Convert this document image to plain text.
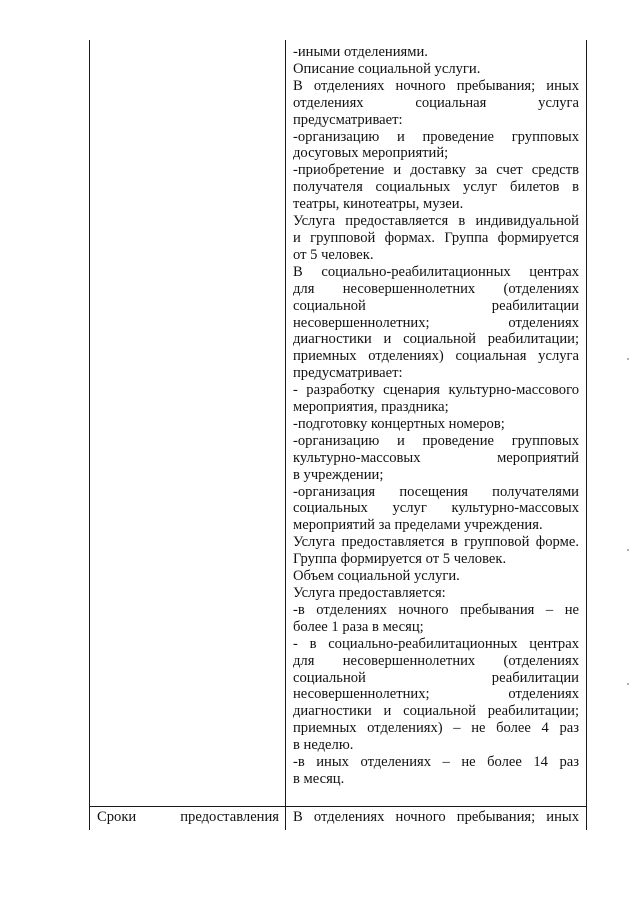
-иными отделениями.

Описание социальной услуги.

В отделениях ночного пребывания; иных

отделениях социальная услуга

предусматривает:

-организацию и проведение групповых

досуговых мероприятий;

-приобретение и доставку за счет средств

получателя социальных услуг билетов в

театры, кинотеатры, музеи.

Услуга предоставляется в индивидуальной

и групповой формах. Группа формируется

от 5 человек.

В социально-реабилитационных центрах

для несовершеннолетних (отделениях

социальной реабилитации

несовершеннолетних; отделениях

диагностики и социальной реабилитации;

приемных отделениях) социальная услуга

предусматривает:

- разработку сценария культурно-массового

мероприятия, праздника;

-подготовку концертных номеров;

-организацию и проведение групповых

культурно-массовых мероприятий

в учреждении;

-организация посещения получателями

социальных услуг культурно-массовых

мероприятий за пределами учреждения.

Услуга предоставляется в групповой форме.

Группа формируется от 5 человек.

Объем социальной услуги.

Услуга предоставляется:

-в отделениях ночного пребывания – не

более 1 раза в месяц;

- в социально-реабилитационных центрах

для несовершеннолетних (отделениях

социальной реабилитации

несовершеннолетних; отделениях

диагностики и социальной реабилитации;

приемных отделениях) – не более 4 раз

в неделю.

-в иных отделениях – не более 14 раз

в месяц.

Сроки предоставления В отделениях ночного пребывания; иных
